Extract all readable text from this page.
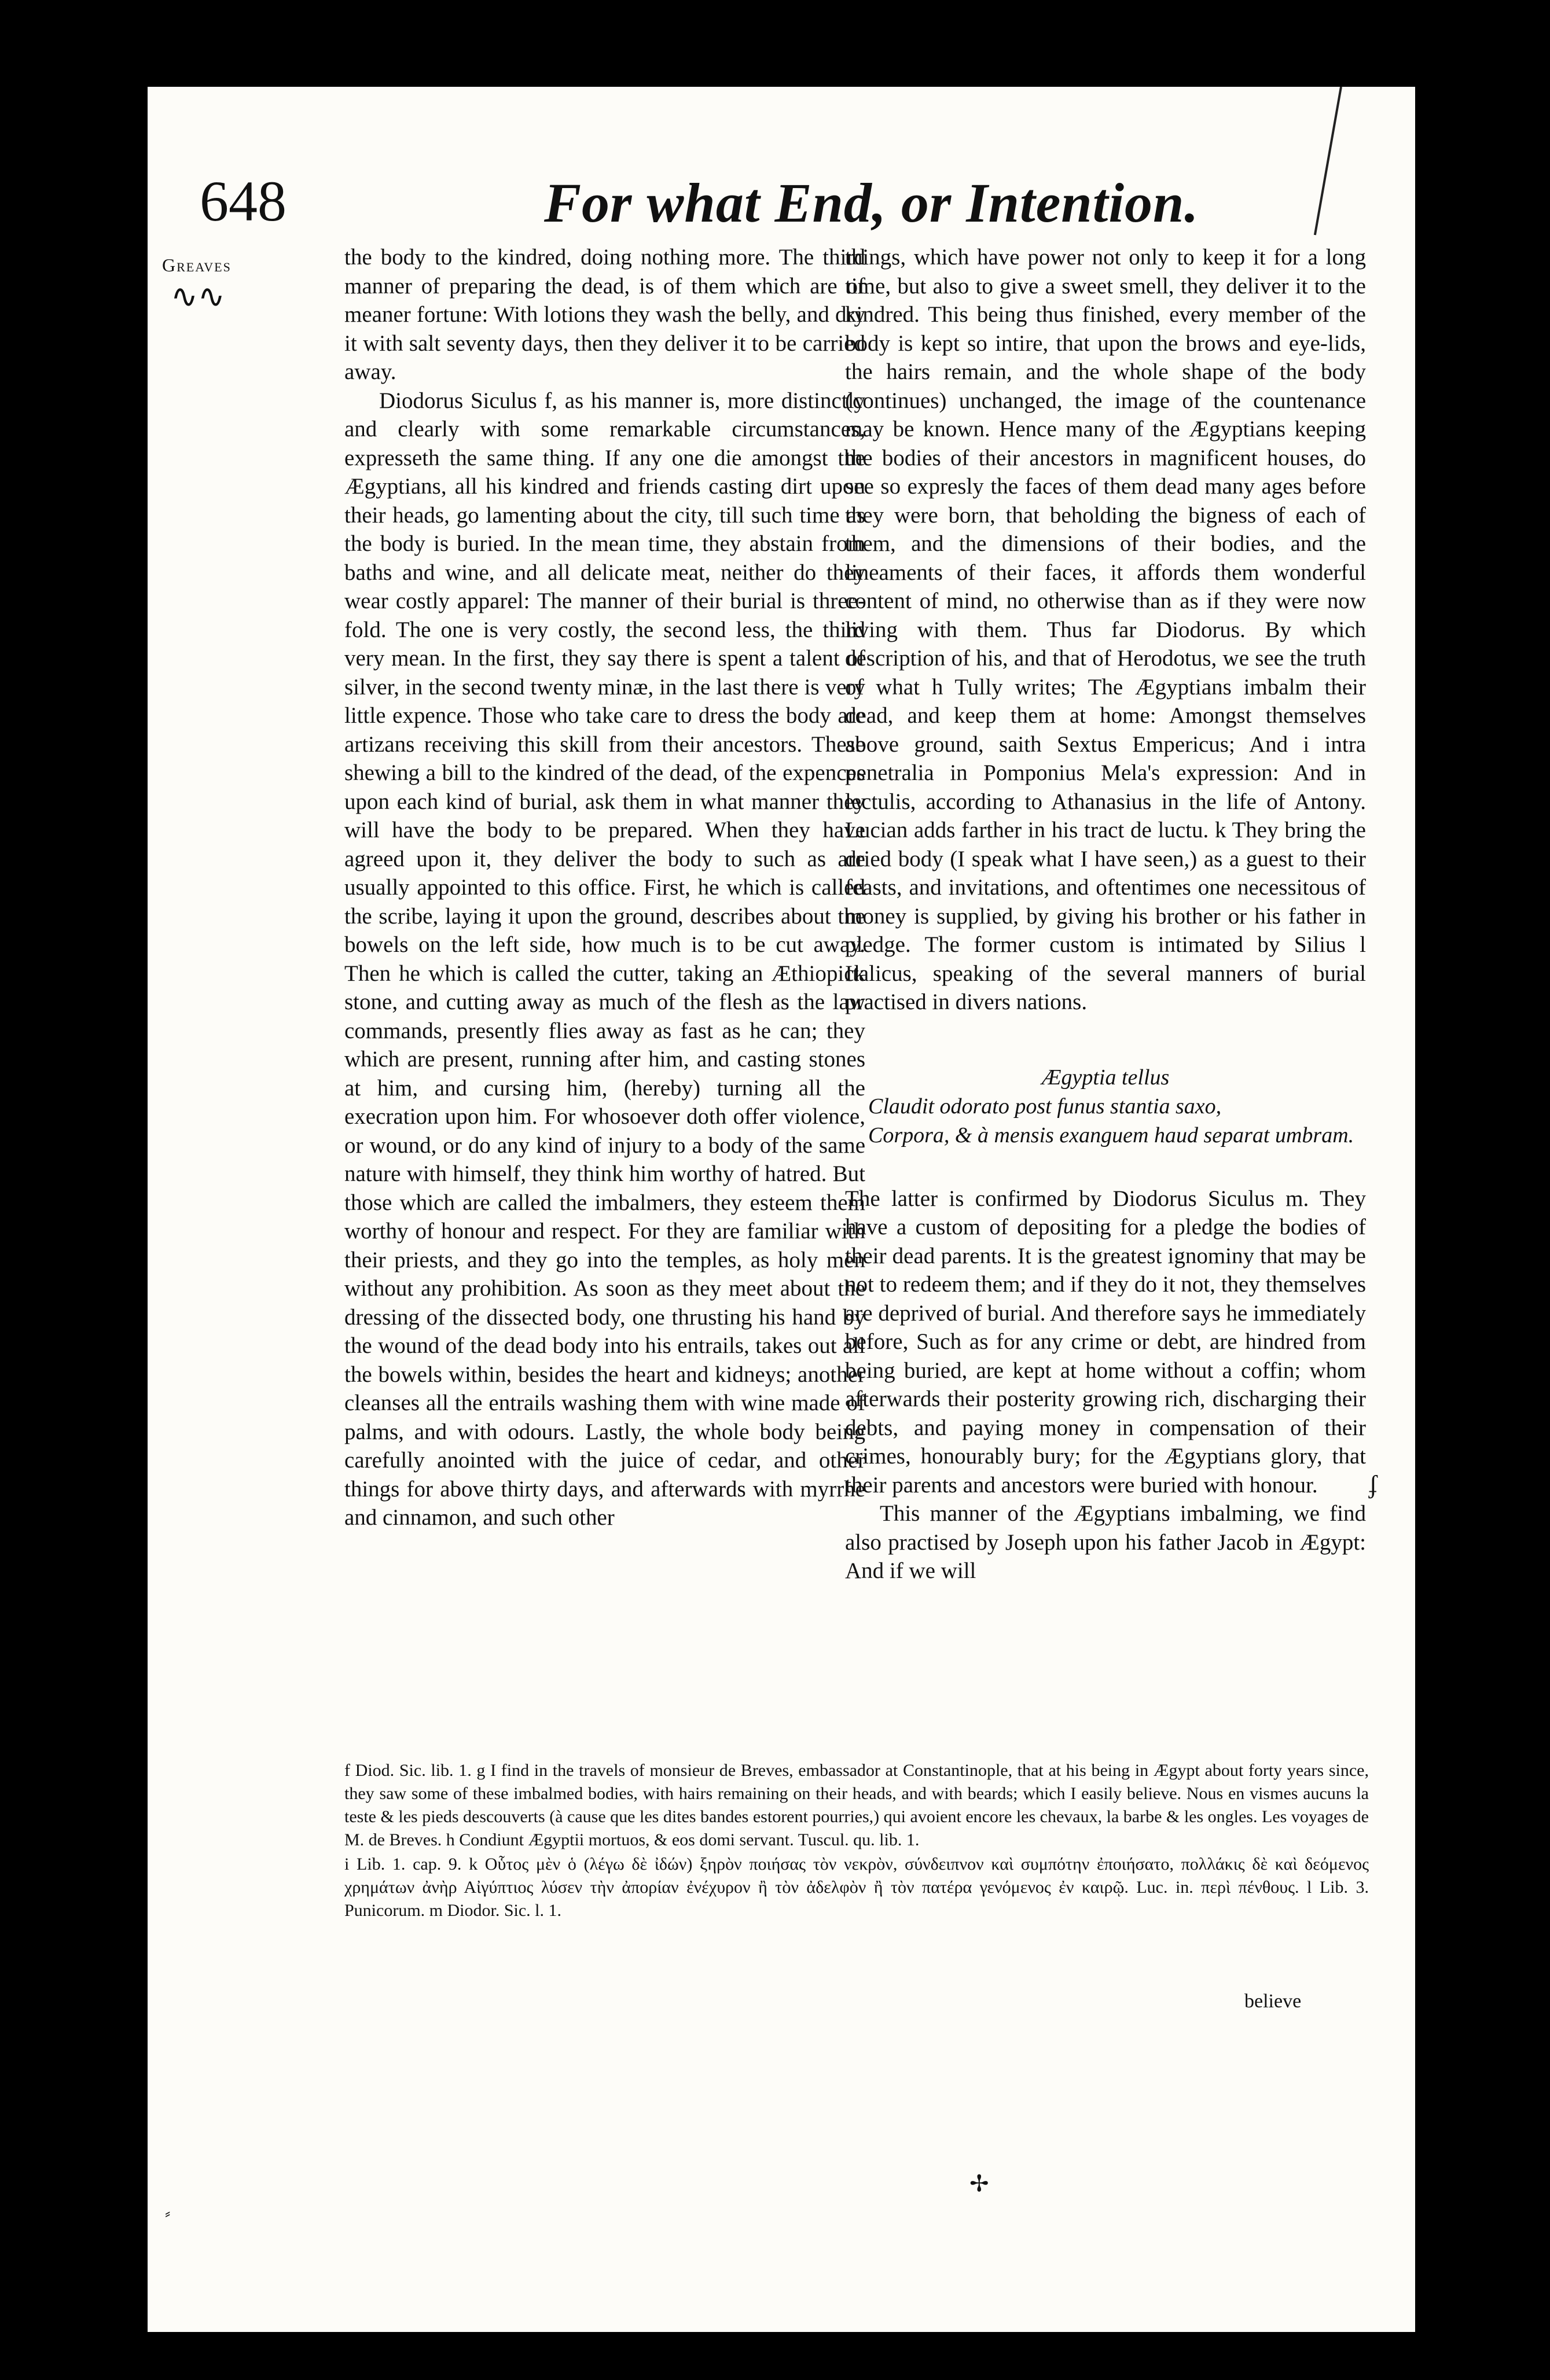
648	For what End, or Intention.
Greaves
∿∿
ʄ

the body to the kindred, doing nothing more. The third manner of preparing the dead, is of them which are of meaner fortune: With lotions they wash the belly, and dry it with salt seventy days, then they deliver it to be carried away.

Diodorus Siculus f, as his manner is, more distinctly and clearly with some remarkable circumstances, expresseth the same thing. If any one die amongst the Ægyptians, all his kindred and friends casting dirt upon their heads, go lamenting about the city, till such time as the body is buried. In the mean time, they abstain from baths and wine, and all delicate meat, neither do they wear costly apparel: The manner of their burial is three-fold. The one is very costly, the second less, the third very mean. In the first, they say there is spent a talent of silver, in the second twenty minæ, in the last there is very little expence. Those who take care to dress the body are artizans receiving this skill from their ancestors. These shewing a bill to the kindred of the dead, of the expences upon each kind of burial, ask them in what manner they will have the body to be prepared. When they have agreed upon it, they deliver the body to such as are usually appointed to this office. First, he which is called the scribe, laying it upon the ground, describes about the bowels on the left side, how much is to be cut away. Then he which is called the cutter, taking an Æthiopick stone, and cutting away as much of the flesh as the law commands, presently flies away as fast as he can; they which are present, running after him, and casting stones at him, and cursing him, (hereby) turning all the execration upon him. For whosoever doth offer violence, or wound, or do any kind of injury to a body of the same nature with himself, they think him worthy of hatred. But those which are called the imbalmers, they esteem them worthy of honour and respect. For they are familiar with their priests, and they go into the temples, as holy men without any prohibition. As soon as they meet about the dressing of the dissected body, one thrusting his hand by the wound of the dead body into his entrails, takes out all the bowels within, besides the heart and kidneys; another cleanses all the entrails washing them with wine made of palms, and with odours. Lastly, the whole body being carefully anointed with the juice of cedar, and other things for above thirty days, and afterwards with myrrhe and cinnamon, and such other

things, which have power not only to keep it for a long time, but also to give a sweet smell, they deliver it to the kindred. This being thus finished, every member of the body is kept so intire, that upon the brows and eye-lids, the hairs remain, and the whole shape of the body (continues) unchanged, the image of the countenance may be known. Hence many of the Ægyptians keeping the bodies of their ancestors in magnificent houses, do see so expresly the faces of them dead many ages before they were born, that beholding the bigness of each of them, and the dimensions of their bodies, and the lineaments of their faces, it affords them wonderful content of mind, no otherwise than as if they were now living with them. Thus far Diodorus. By which description of his, and that of Herodotus, we see the truth of what h Tully writes; The Ægyptians imbalm their dead, and keep them at home: Amongst themselves above ground, saith Sextus Empericus; And i intra penetralia in Pomponius Mela's expression: And in lectulis, according to Athanasius in the life of Antony. Lucian adds farther in his tract de luctu. k They bring the dried body (I speak what I have seen,) as a guest to their feasts, and invitations, and oftentimes one necessitous of money is supplied, by giving his brother or his father in pledge. The former custom is intimated by Silius l Italicus, speaking of the several manners of burial practised in divers nations.

Ægyptia tellus
Claudit odorato post funus stantia saxo,
Corpora, & à mensis exanguem haud separat umbram.

The latter is confirmed by Diodorus Siculus m. They have a custom of depositing for a pledge the bodies of their dead parents. It is the greatest ignominy that may be not to redeem them; and if they do it not, they themselves are deprived of burial. And therefore says he immediately before, Such as for any crime or debt, are hindred from being buried, are kept at home without a coffin; whom afterwards their posterity growing rich, discharging their debts, and paying money in compensation of their crimes, honourably bury; for the Ægyptians glory, that their parents and ancestors were buried with honour.

This manner of the Ægyptians imbalming, we find also practised by Joseph upon his father Jacob in Ægypt: And if we will

f Diod. Sic. lib. 1. g I find in the travels of monsieur de Breves, embassador at Constantinople, that at his being in Ægypt about forty years since, they saw some of these imbalmed bodies, with hairs remaining on their heads, and with beards; which I easily believe. Nous en vismes aucuns la teste & les pieds descouverts (à cause que les dites bandes estorent pourries,) qui avoient encore les chevaux, la barbe & les ongles. Les voyages de M. de Breves. h Condiunt Ægyptii mortuos, & eos domi servant. Tuscul. qu. lib. 1.

i Lib. 1. cap. 9. k Οὗτος μὲν ὁ (λέγω δὲ ἰδών) ξηρὸν ποιήσας τὸν νεκρὸν, σύνδειπνον καὶ συμπότην ἐποιήσατο, πολλάκις δὲ καὶ δεόμενος χρημάτων ἀνὴρ Αἰγύπτιος λύσεν τὴν ἀπορίαν ἐνέχυρον ἢ τὸν ἀδελφὸν ἢ τὸν πατέρα γενόμενος ἐν καιρῷ. Luc. in. περὶ πένθους. l Lib. 3. Punicorum. m Diodor. Sic. l. 1.

believe
✢
⸗
